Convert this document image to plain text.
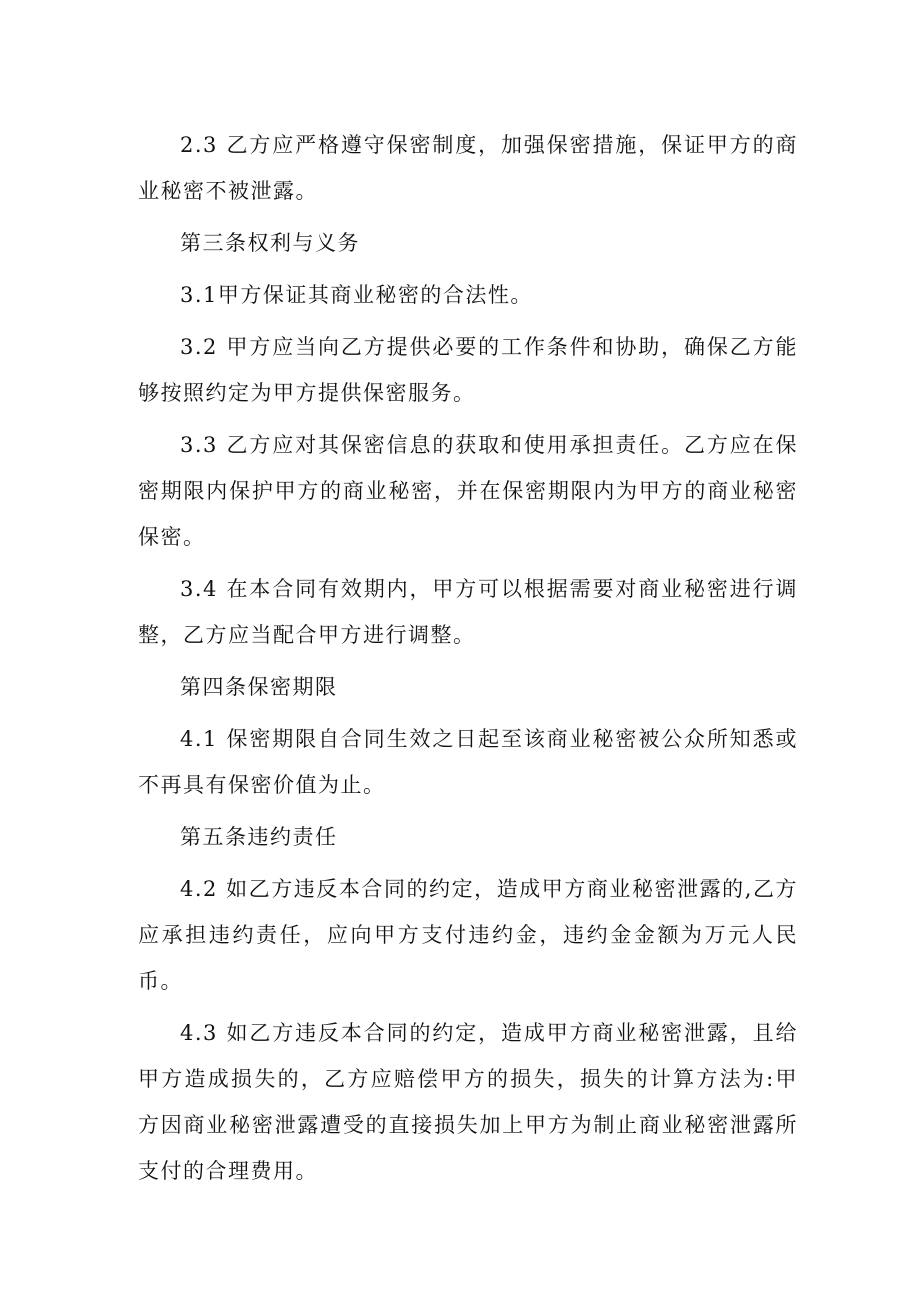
2.3 乙方应严格遵守保密制度，加强保密措施，保证甲方的商业秘密不被泄露。

第三条权利与义务

3.1甲方保证其商业秘密的合法性。

3.2 甲方应当向乙方提供必要的工作条件和协助，确保乙方能够按照约定为甲方提供保密服务。

3.3 乙方应对其保密信息的获取和使用承担责任。乙方应在保密期限内保护甲方的商业秘密，并在保密期限内为甲方的商业秘密保密。

3.4 在本合同有效期内，甲方可以根据需要对商业秘密进行调整，乙方应当配合甲方进行调整。

第四条保密期限

4.1 保密期限自合同生效之日起至该商业秘密被公众所知悉或不再具有保密价值为止。

第五条违约责任

4.2 如乙方违反本合同的约定，造成甲方商业秘密泄露的,乙方应承担违约责任，应向甲方支付违约金，违约金金额为万元人民币。

4.3 如乙方违反本合同的约定，造成甲方商业秘密泄露，且给甲方造成损失的，乙方应赔偿甲方的损失，损失的计算方法为:甲方因商业秘密泄露遭受的直接损失加上甲方为制止商业秘密泄露所支付的合理费用。
